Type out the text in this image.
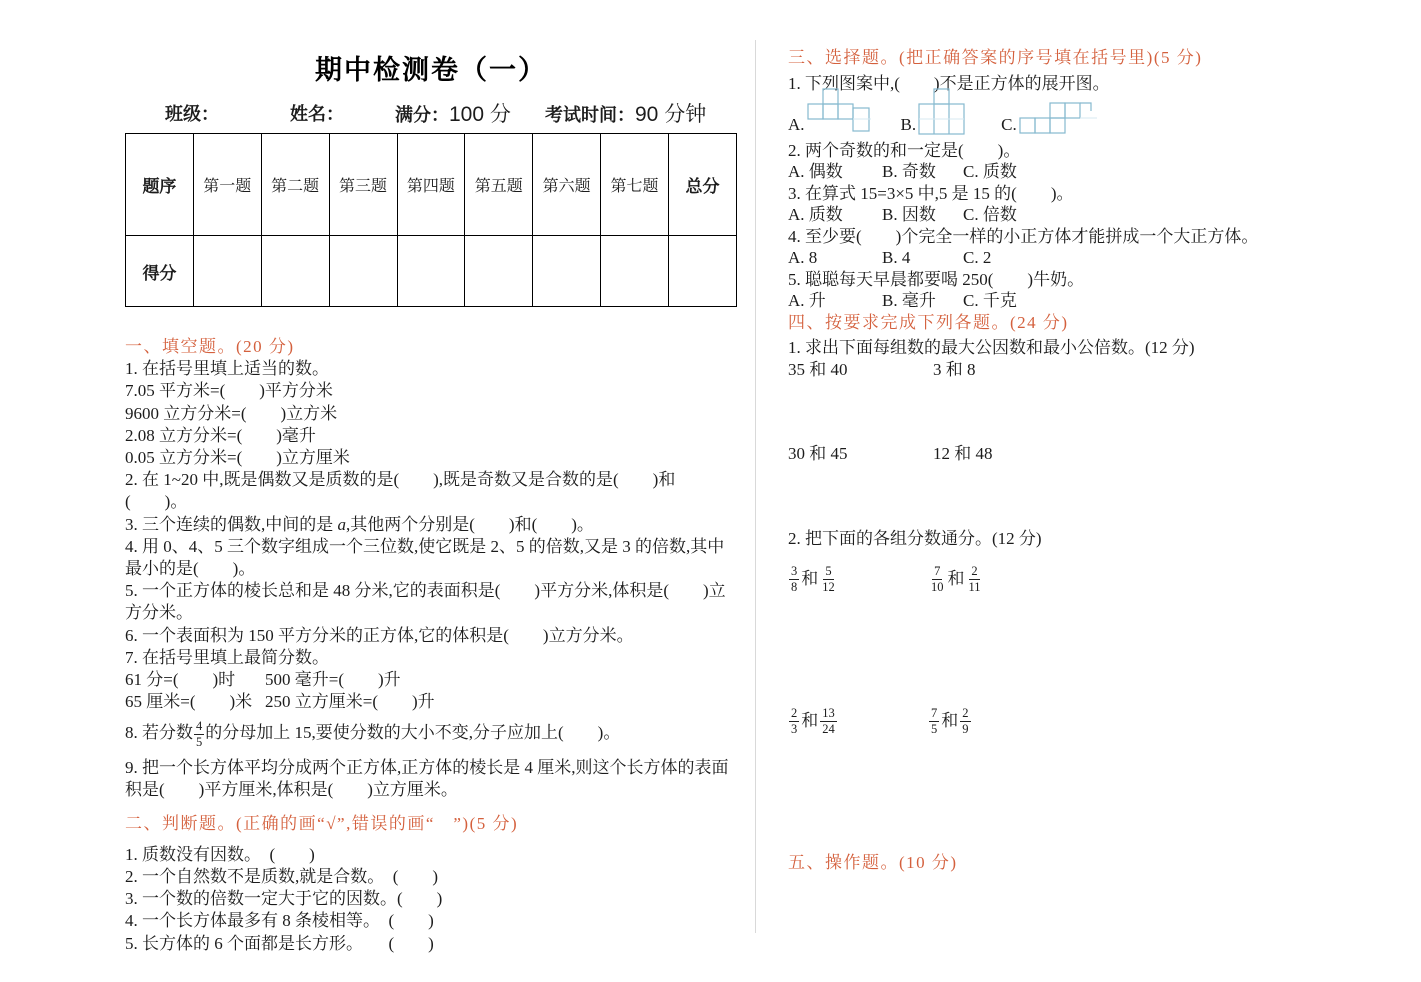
期中检测卷（一）
班级：	姓名：	满分：100 分 考试时间：90 分钟
题序	第一题	第二题	第三题	第四题	第五题	第六题	第七题	总分
得分								
一、填空题。(20 分)
1. 在括号里填上适当的数。
7.05 平方米=(　　)平方分米
9600 立方分米=(　　)立方米
2.08 立方分米=(　　)毫升
0.05 立方分米=(　　)立方厘米
2. 在 1~20 中,既是偶数又是质数的是(　　),既是奇数又是合数的是(　　)和(　　)。
3. 三个连续的偶数,中间的是 a,其他两个分别是(　　)和(　　)。
4. 用 0、4、5 三个数字组成一个三位数,使它既是 2、5 的倍数,又是 3 的倍数,其中最小的是(　　)。
5. 一个正方体的棱长总和是 48 分米,它的表面积是(　　)平方分米,体积是(　　)立方分米。
6. 一个表面积为 150 平方分米的正方体,它的体积是(　　)立方分米。
7. 在括号里填上最简分数。
61 分=(　　)时 500 毫升=(　　)升
65 厘米=(　　)米 250 立方厘米=(　　)升
8. 若分数 $\frac{4}{5}$ 的分母加上 15,要使分数的大小不变,分子应加上(　　)。
9. 把一个长方体平均分成两个正方体,正方体的棱长是 4 厘米,则这个长方体的表面积是(　　)平方厘米,体积是(　　)立方厘米。
二、判断题。(正确的画“√”,错误的画“　”)(5 分)
1. 质数没有因数。　(　　)
2. 一个自然数不是质数,就是合数。　(　　)
3. 一个数的倍数一定大于它的因数。(　　)
4. 一个长方体最多有 8 条棱相等。　(　　)
5. 长方体的 6 个面都是长方形。　　(　　)
三、选择题。(把正确答案的序号填在括号里)(5 分)
1. 下列图案中,(　　)不是正方体的展开图。
A.	B.	C.
2. 两个奇数的和一定是(　　)。
A. 偶数 B. 奇数 C. 质数
3. 在算式 15=3×5 中,5 是 15 的(　　)。
A. 质数 B. 因数 C. 倍数
4. 至少要(　　)个完全一样的小正方体才能拼成一个大正方体。
A. 8	B. 4	C. 2
5. 聪聪每天早晨都要喝 250(　　)牛奶。
A. 升	B. 毫升 C. 千克
四、按要求完成下列各题。(24 分)
1. 求出下面每组数的最大公因数和最小公倍数。(12 分)
35 和 40	3 和 8
30 和 45	12 和 48
2. 把下面的各组分数通分。(12 分)
$\frac{3}{8}$ 和 $\frac{5}{12}$	$\frac{7}{10}$ 和 $\frac{2}{11}$
$\frac{2}{3}$ 和 $\frac{13}{24}$	$\frac{7}{5}$ 和 $\frac{2}{9}$
五、操作题。(10 分)
